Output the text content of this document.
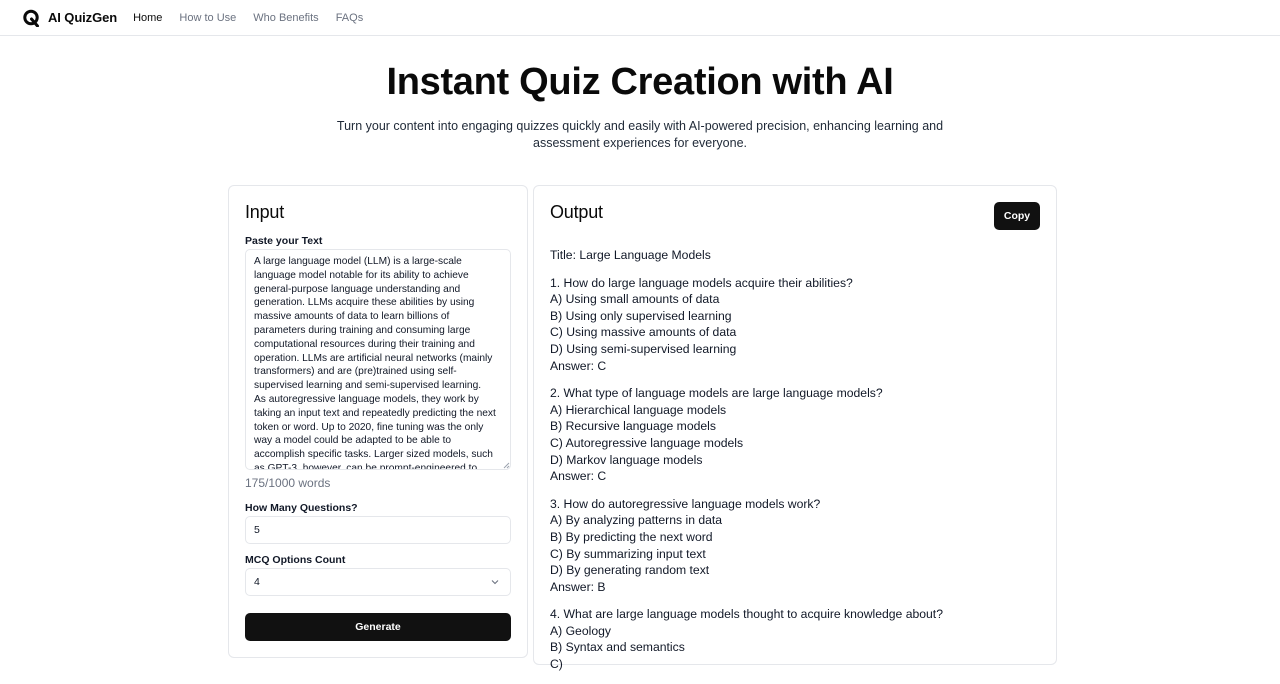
AI QuizGen Home How to Use Who Benefits FAQs
Instant Quiz Creation with AI

Turn your content into engaging quizzes quickly and easily with AI-powered precision, enhancing learning and assessment experiences for everyone.

Input
Paste your Text
A large language model (LLM) is a large-scale language model notable for its ability to achieve general-purpose language understanding and generation. LLMs acquire these abilities by using massive amounts of data to learn billions of parameters during training and consuming large computational resources during their training and operation. LLMs are artificial neural networks (mainly transformers) and are (pre)trained using self-supervised learning and semi-supervised learning. As autoregressive language models, they work by taking an input text and repeatedly predicting the next token or word. Up to 2020, fine tuning was the only way a model could be adapted to be able to accomplish specific tasks. Larger sized models, such as GPT-3, however, can be prompt-engineered to
175/1000 words
How Many Questions?
5
MCQ Options Count
4
Generate
Output	Copy
Title: Large Language Models
1. How do large language models acquire their abilities?
A) Using small amounts of data
B) Using only supervised learning
C) Using massive amounts of data
D) Using semi-supervised learning
Answer: C
2. What type of language models are large language models?
A) Hierarchical language models
B) Recursive language models
C) Autoregressive language models
D) Markov language models
Answer: C
3. How do autoregressive language models work?
A) By analyzing patterns in data
B) By predicting the next word
C) By summarizing input text
D) By generating random text
Answer: B
4. What are large language models thought to acquire knowledge about?
A) Geology
B) Syntax and semantics
C)
